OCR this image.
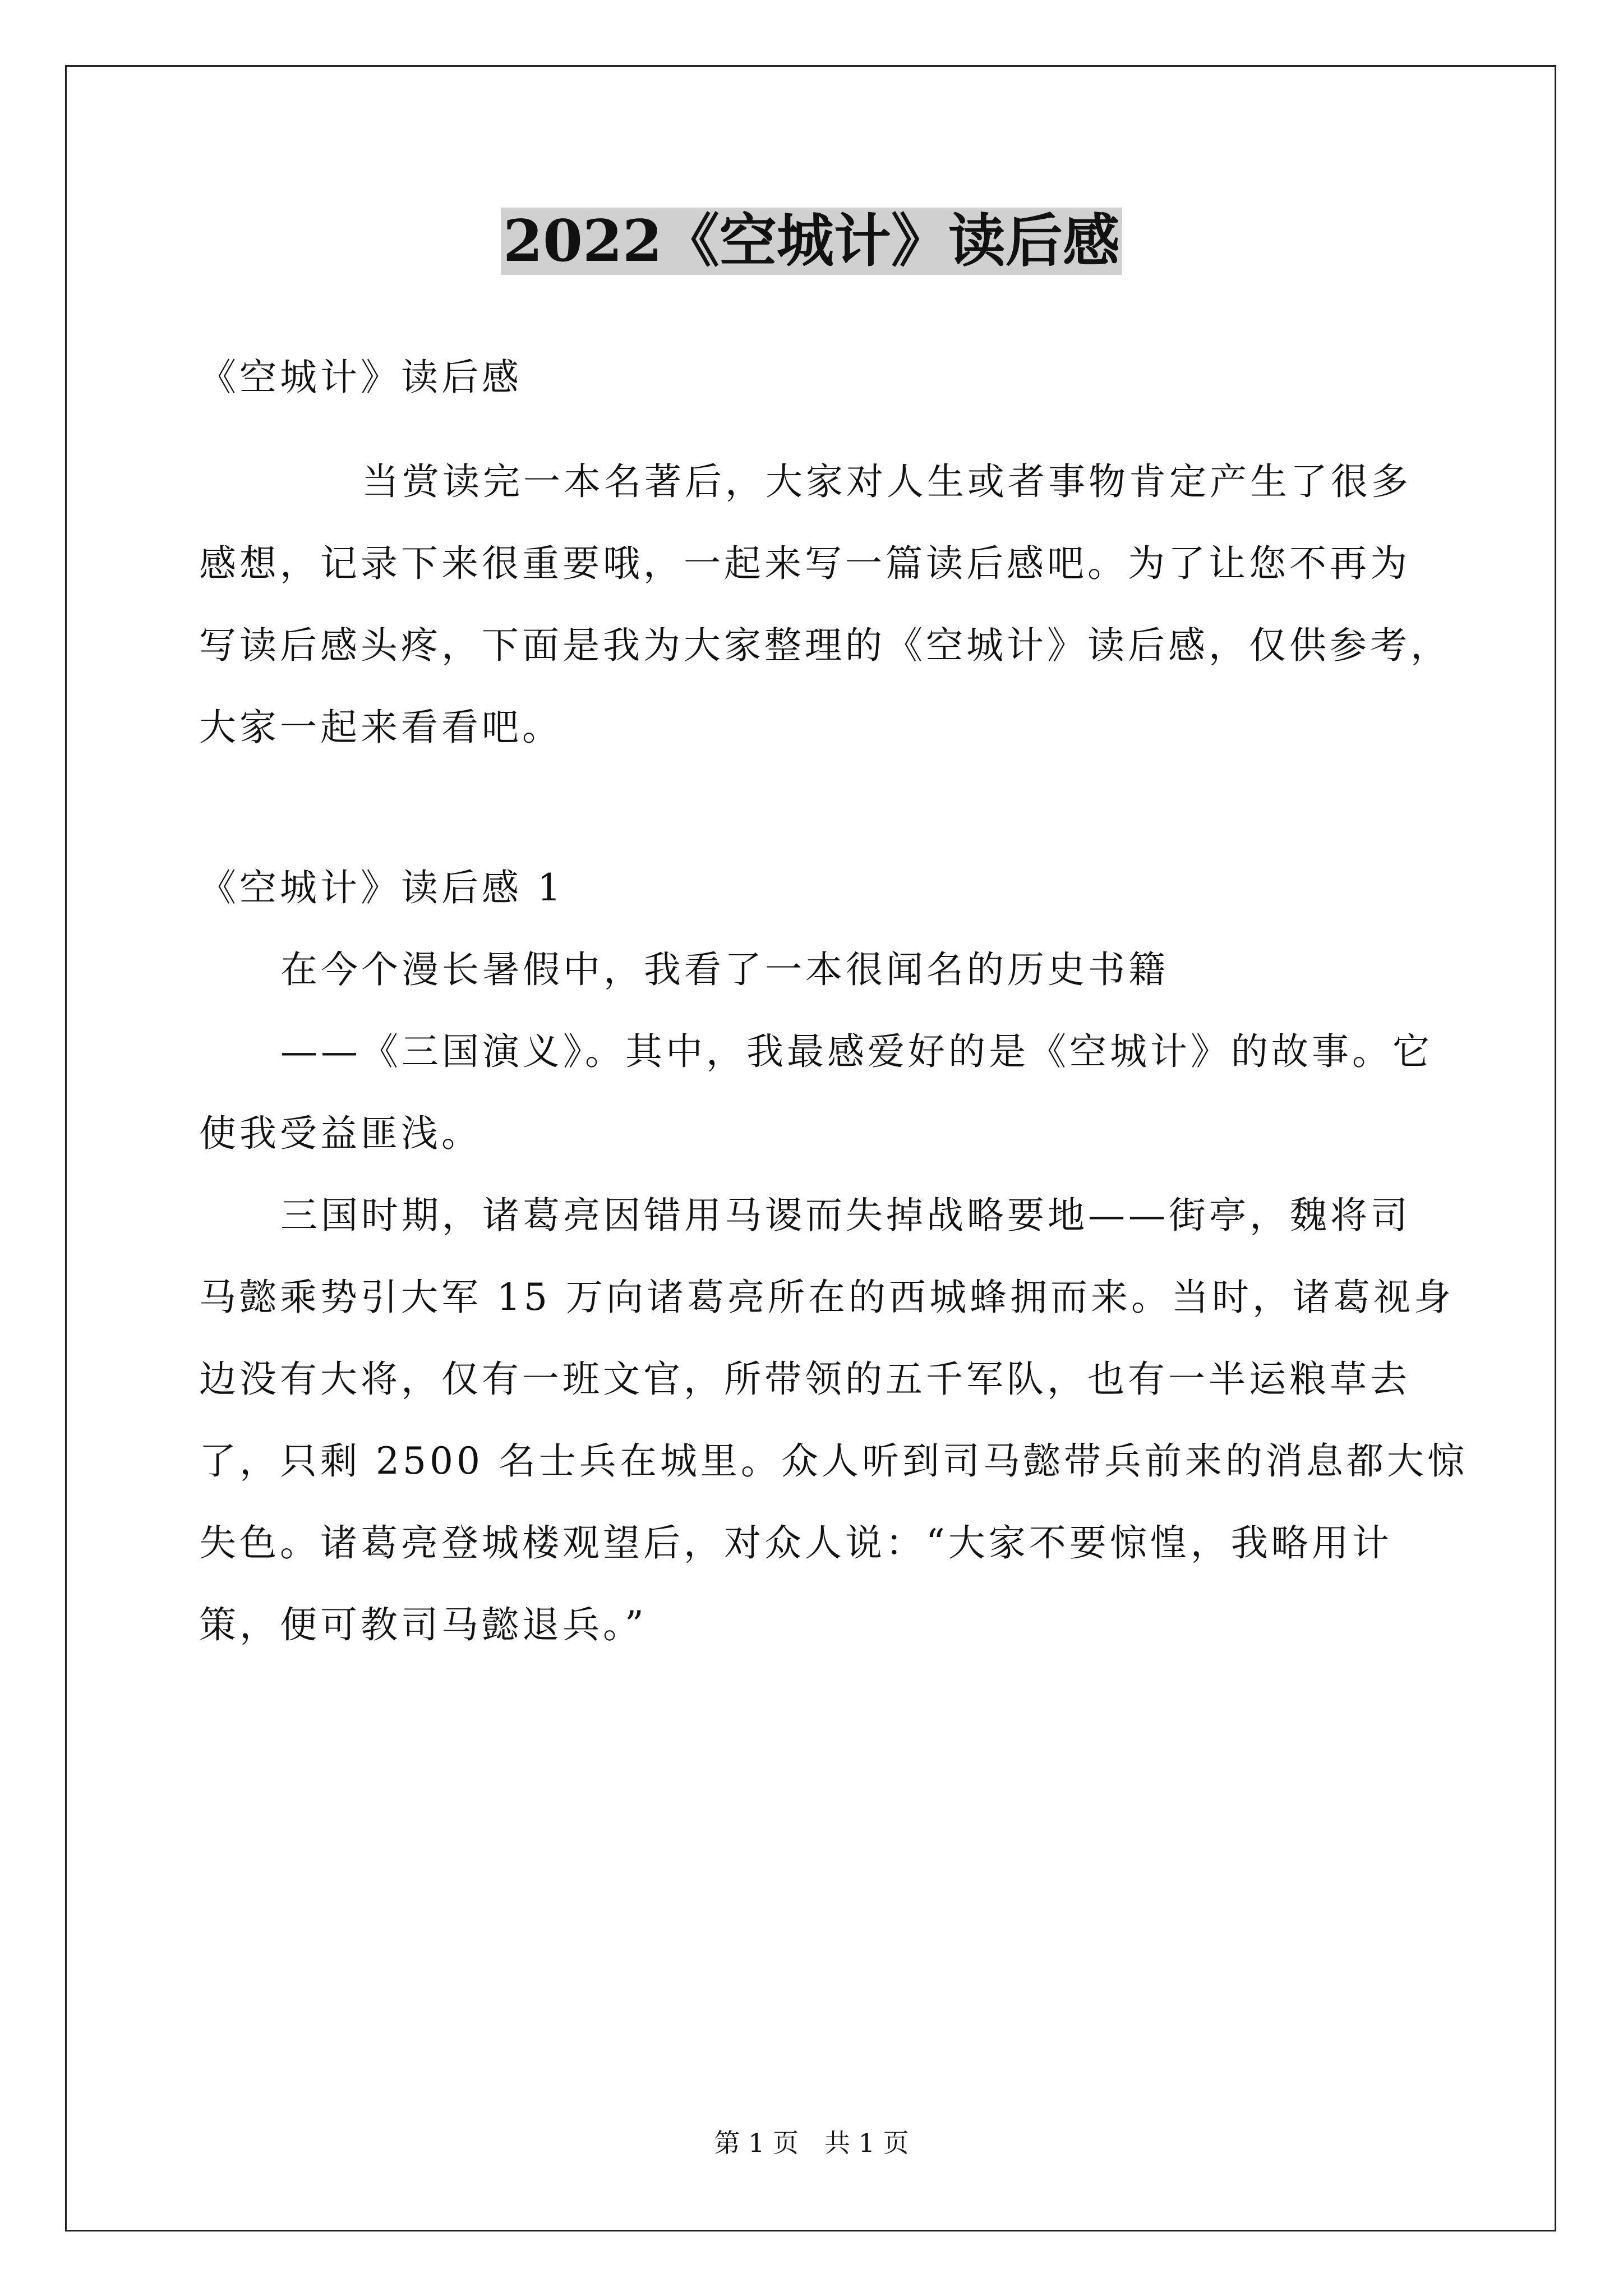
2022《空城计》读后感
《空城计》读后感
当赏读完一本名著后，大家对人生或者事物肯定产生了很多
感想，记录下来很重要哦，一起来写一篇读后感吧。为了让您不再为
写读后感头疼，下面是我为大家整理的《空城计》读后感，仅供参考，
大家一起来看看吧。
《空城计》读后感 1
在今个漫长暑假中，我看了一本很闻名的历史书籍
——《三国演义》。其中，我最感爱好的是《空城计》的故事。它
使我受益匪浅。
三国时期，诸葛亮因错用马谡而失掉战略要地——街亭，魏将司
马懿乘势引大军 15 万向诸葛亮所在的西城蜂拥而来。当时，诸葛视身
边没有大将，仅有一班文官，所带领的五千军队，也有一半运粮草去
了，只剩 2500 名士兵在城里。众人听到司马懿带兵前来的消息都大惊
失色。诸葛亮登城楼观望后，对众人说：“大家不要惊惶，我略用计
策，便可教司马懿退兵。”
第 1 页　共 1 页
